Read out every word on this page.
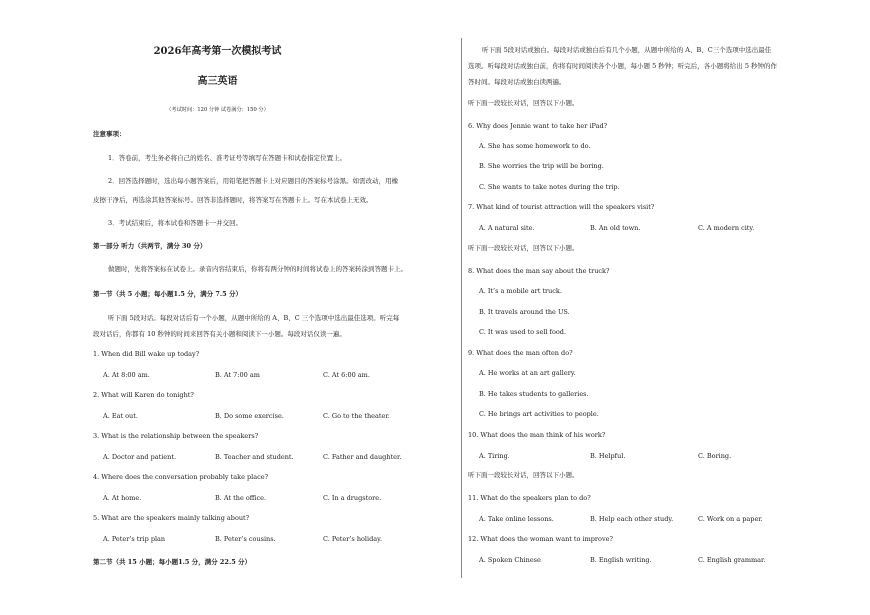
2026年高考第一次模拟考试
高三英语
（考试时间：120 分钟 试卷满分：150 分）
注意事项：
1．答卷前，考生务必将自己的姓名、准考证号等填写在答题卡和试卷指定位置上。
2．回答选择题时，选出每小题答案后，用铅笔把答题卡上对应题目的答案标号涂黑。如需改动，用橡
皮擦干净后，再选涂其他答案标号。回答非选择题时，将答案写在答题卡上。写在本试卷上无效。
3．考试结束后，将本试卷和答题卡一并交回。
第一部分 听力（共两节，满分 30 分）
做题时，先将答案标在试卷上。录音内容结束后，你将有两分钟的时间将试卷上的答案转涂到答题卡上。
第一节（共 5 小题；每小题1.5 分，满分 7.5 分）
听下面 5段对话。每段对话后有一个小题，从题中所给的 A、B、C 三个选项中选出最佳选项。听完每
段对话后，你都有 10 秒钟的时间来回答有关小题和阅读下一小题。每段对话仅读一遍。
1. When did Bill wake up today?
A. At 8:00 am.	B. At 7:00 am	C. At 6:00 am.
2. What will Karen do tonight?
A. Eat out.	B. Do some exercise.	C. Go to the theater.
3. What is the relationship between the speakers?
A. Doctor and patient.	B. Teacher and student.	C. Father and daughter.
4. Where does the conversation probably take place?
A. At home.	B. At the office.	C. In a drugstore.
5. What are the speakers mainly talking about?
A. Peter’s trip plan	B. Peter’s cousins.	C. Peter’s holiday.
第二节（共 15 小题；每小题1.5 分，满分 22.5 分）
听下面 5段对话或独白。每段对话或独白后有几个小题，从题中所给的 A、B、C三个选项中选出最佳
选项。听每段对话或独白前，你将有时间阅读各个小题，每小题 5 秒钟；听完后，各小题将给出 5 秒钟的作
答时间。每段对话或独白读两遍。
听下面一段较长对话，回答以下小题。
6. Why does Jennie want to take her iPad?
A. She has some homework to do.
B. She worries the trip will be boring.
C. She wants to take notes during the trip.
7. What kind of tourist attraction will the speakers visit?
A. A natural site.	B. An old town.	C. A modern city.
听下面一段较长对话，回答以下小题。
8. What does the man say about the truck?
A. It’s a mobile art truck.
B. It travels around the US.
C. It was used to sell food.
9. What does the man often do?
A. He works at an art gallery.
B. He takes students to galleries.
C. He brings art activities to people.
10. What does the man think of his work?
A. Tiring.	B. Helpful.	C. Boring.
听下面一段较长对话，回答以下小题。
11. What do the speakers plan to do?
A. Take online lessons.	B. Help each other study.	C. Work on a paper.
12. What does the woman want to improve?
A. Spoken Chinese	B. English writing.	C. English grammar.
